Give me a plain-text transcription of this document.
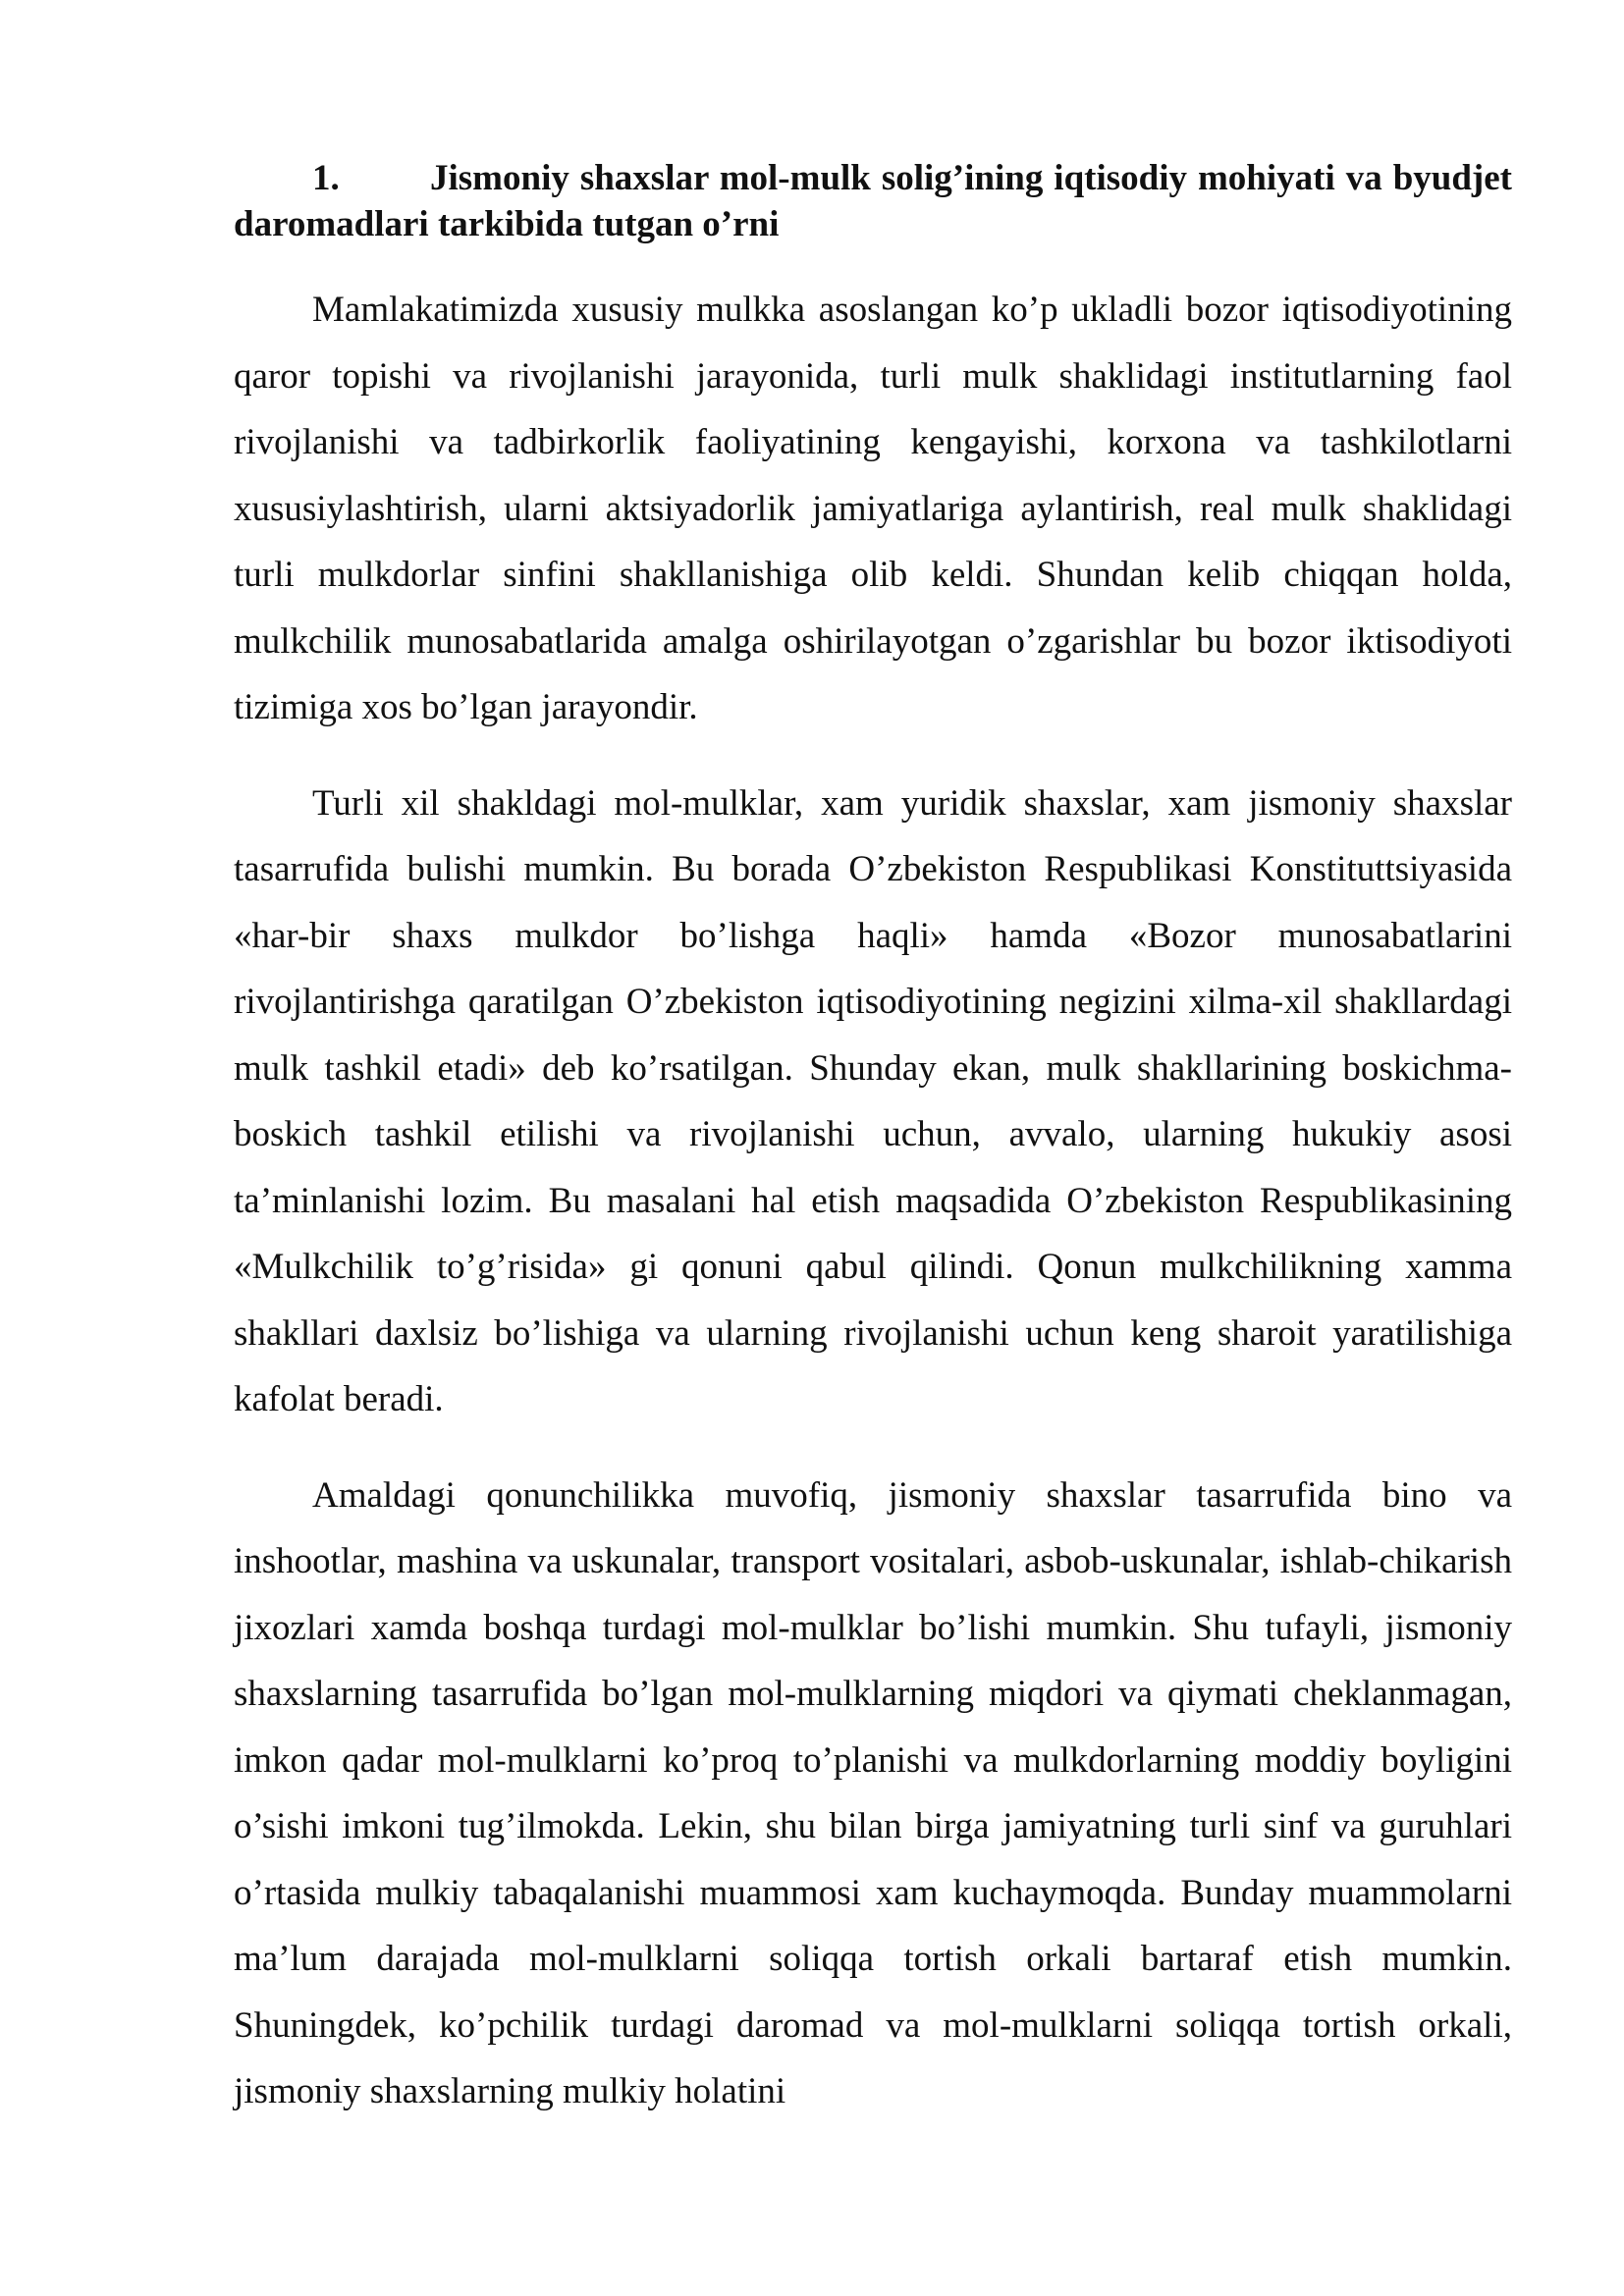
1. Jismoniy shaxslar mol-mulk solig’ining iqtisodiy mohiyati va byudjet daromadlari tarkibida tutgan o’rni

Mamlakatimizda xususiy mulkka asoslangan ko’p ukladli bozor iqtisodiyotining qaror topishi va rivojlanishi jarayonida, turli mulk shaklidagi institutlarning faol rivojlanishi va tadbirkorlik faoliyatining kengayishi, korxona va tashkilotlarni xususiylashtirish, ularni aktsiyadorlik jamiyatlariga aylantirish, real mulk shaklidagi turli mulkdorlar sinfini shakllanishiga olib keldi. Shundan kelib chiqqan holda, mulkchilik munosabatlarida amalga oshirilayotgan o’zgarishlar bu bozor iktisodiyoti tizimiga xos bo’lgan jarayondir.

Turli xil shakldagi mol-mulklar, xam yuridik shaxslar, xam jismoniy shaxslar tasarrufida bulishi mumkin. Bu borada O’zbekiston Respublikasi Konstituttsiyasida «har-bir shaxs mulkdor bo’lishga haqli» hamda «Bozor munosabatlarini rivojlantirishga qaratilgan O’zbekiston iqtisodiyotining negizini xilma-xil shakllardagi mulk tashkil etadi» deb ko’rsatilgan. Shunday ekan, mulk shakllarining boskichma-boskich tashkil etilishi va rivojlanishi uchun, avvalo, ularning hukukiy asosi ta’minlanishi lozim. Bu masalani hal etish maqsadida O’zbekiston Respublikasining «Mulkchilik to’g’risida» gi qonuni qabul qilindi. Qonun mulkchilikning xamma shakllari daxlsiz bo’lishiga va ularning rivojlanishi uchun keng sharoit yaratilishiga kafolat beradi.

Amaldagi qonunchilikka muvofiq, jismoniy shaxslar tasarrufida bino va inshootlar, mashina va uskunalar, transport vositalari, asbob-uskunalar, ishlab-chikarish jixozlari xamda boshqa turdagi mol-mulklar bo’lishi mumkin. Shu tufayli, jismoniy shaxslarning tasarrufida bo’lgan mol-mulklarning miqdori va qiymati cheklanmagan, imkon qadar mol-mulklarni ko’proq to’planishi va mulkdorlarning moddiy boyligini o’sishi imkoni tug’ilmokda. Lekin, shu bilan birga jamiyatning turli sinf va guruhlari o’rtasida mulkiy tabaqalanishi muammosi xam kuchaymoqda. Bunday muammolarni ma’lum darajada mol-mulklarni soliqqa tortish orkali bartaraf etish mumkin. Shuningdek, ko’pchilik turdagi daromad va mol-mulklarni soliqqa tortish orkali, jismoniy shaxslarning mulkiy holatini
